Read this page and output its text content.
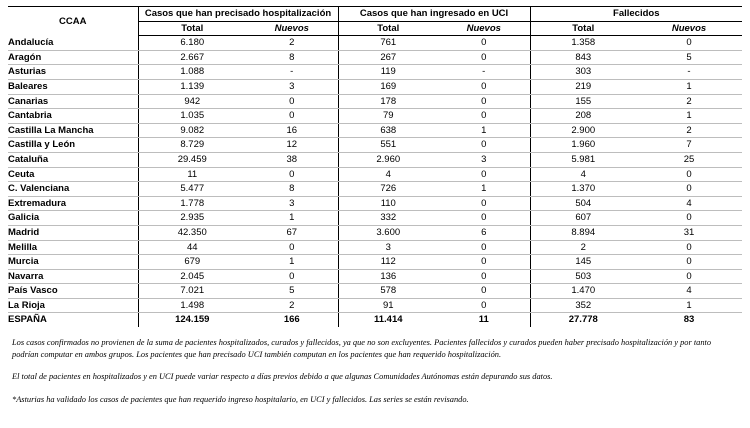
CCAA	Casos que han precisado hospitalización		Casos que han ingresado en UCI		Fallecidos	
	Total	Nuevos	Total	Nuevos	Total	Nuevos
Andalucía	6.180	2	761	0	1.358	0
Aragón	2.667	8	267	0	843	5
Asturias	1.088	-	119	-	303	-
Baleares	1.139	3	169	0	219	1
Canarias	942	0	178	0	155	2
Cantabria	1.035	0	79	0	208	1
Castilla La Mancha	9.082	16	638	1	2.900	2
Castilla y León	8.729	12	551	0	1.960	7
Cataluña	29.459	38	2.960	3	5.981	25
Ceuta	11	0	4	0	4	0
C. Valenciana	5.477	8	726	1	1.370	0
Extremadura	1.778	3	110	0	504	4
Galicia	2.935	1	332	0	607	0
Madrid	42.350	67	3.600	6	8.894	31
Melilla	44	0	3	0	2	0
Murcia	679	1	112	0	145	0
Navarra	2.045	0	136	0	503	0
País Vasco	7.021	5	578	0	1.470	4
La Rioja	1.498	2	91	0	352	1
ESPAÑA	124.159	166	11.414	11	27.778	83

Los casos confirmados no provienen de la suma de pacientes hospitalizados, curados y fallecidos, ya que no son excluyentes. Pacientes fallecidos y curados pueden haber precisado hospitalización y por tanto podrían computar en ambos grupos. Los pacientes que han precisado UCI también computan en los pacientes que han requerido hospitalización.

El total de pacientes en hospitalizados y en UCI puede variar respecto a días previos debido a que algunas Comunidades Autónomas están depurando sus datos.

*Asturias ha validado los casos de pacientes que han requerido ingreso hospitalario, en UCI y fallecidos. Las series se están revisando.
